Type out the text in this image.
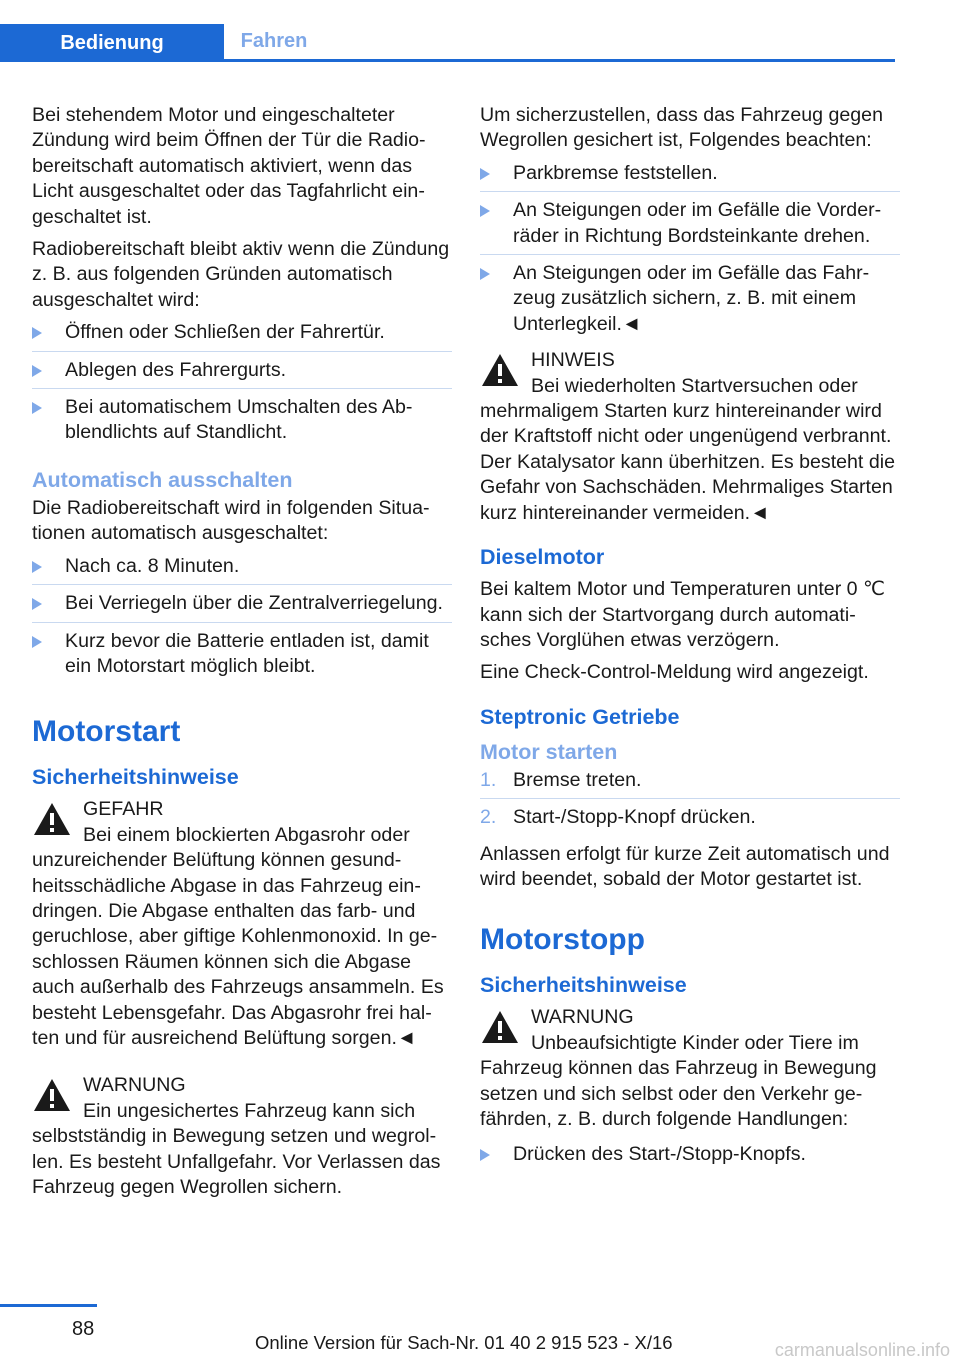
Bedienung	Fahren

Bei stehendem Motor und eingeschalteter Zündung wird beim Öffnen der Tür die Radiobereitschaft automatisch aktiviert, wenn das Licht ausgeschaltet oder das Tagfahrlicht eingeschaltet ist.

Radiobereitschaft bleibt aktiv wenn die Zündung z. B. aus folgenden Gründen automatisch ausgeschaltet wird:

Öffnen oder Schließen der Fahrertür.
Ablegen des Fahrergurts.
Bei automatischem Umschalten des Abblendlichts auf Standlicht.
Automatisch ausschalten

Die Radiobereitschaft wird in folgenden Situationen automatisch ausgeschaltet:

Nach ca. 8 Minuten.
Bei Verriegeln über die Zentralverriegelung.
Kurz bevor die Batterie entladen ist, damit ein Motorstart möglich bleibt.
Motorstart
Sicherheitshinweise
GEFAHR
Bei einem blockierten Abgasrohr oder
unzureichender Belüftung können gesundheitsschädliche Abgase in das Fahrzeug eindringen. Die Abgase enthalten das farb- und geruchlose, aber giftige Kohlenmonoxid. In geschlossen Räumen können sich die Abgase auch außerhalb des Fahrzeugs ansammeln. Es besteht Lebensgefahr. Das Abgasrohr frei halten und für ausreichend Belüftung sorgen.◄
WARNUNG
Ein ungesichertes Fahrzeug kann sich
selbstständig in Bewegung setzen und wegrollen. Es besteht Unfallgefahr. Vor Verlassen das Fahrzeug gegen Wegrollen sichern.

Um sicherzustellen, dass das Fahrzeug gegen Wegrollen gesichert ist, Folgendes beachten:

Parkbremse feststellen.
An Steigungen oder im Gefälle die Vorderräder in Richtung Bordsteinkante drehen.
An Steigungen oder im Gefälle das Fahrzeug zusätzlich sichern, z. B. mit einem Unterlegkeil.◄
HINWEIS
Bei wiederholten Startversuchen oder
mehrmaligem Starten kurz hintereinander wird der Kraftstoff nicht oder ungenügend verbrannt. Der Katalysator kann überhitzen. Es besteht die Gefahr von Sachschäden. Mehrmaliges Starten kurz hintereinander vermeiden.◄
Dieselmotor

Bei kaltem Motor und Temperaturen unter 0 ℃ kann sich der Startvorgang durch automatisches Vorglühen etwas verzögern.

Eine Check-Control-Meldung wird angezeigt.

Steptronic Getriebe
Motor starten
1. Bremse treten.
2. Start-/Stopp-Knopf drücken.

Anlassen erfolgt für kurze Zeit automatisch und wird beendet, sobald der Motor gestartet ist.

Motorstopp
Sicherheitshinweise
WARNUNG
Unbeaufsichtigte Kinder oder Tiere im
Fahrzeug können das Fahrzeug in Bewegung setzen und sich selbst oder den Verkehr gefährden, z. B. durch folgende Handlungen:
Drücken des Start-/Stopp-Knopfs.
88
Online Version für Sach-Nr. 01 40 2 915 523 - X/16	carmanualsonline.info
